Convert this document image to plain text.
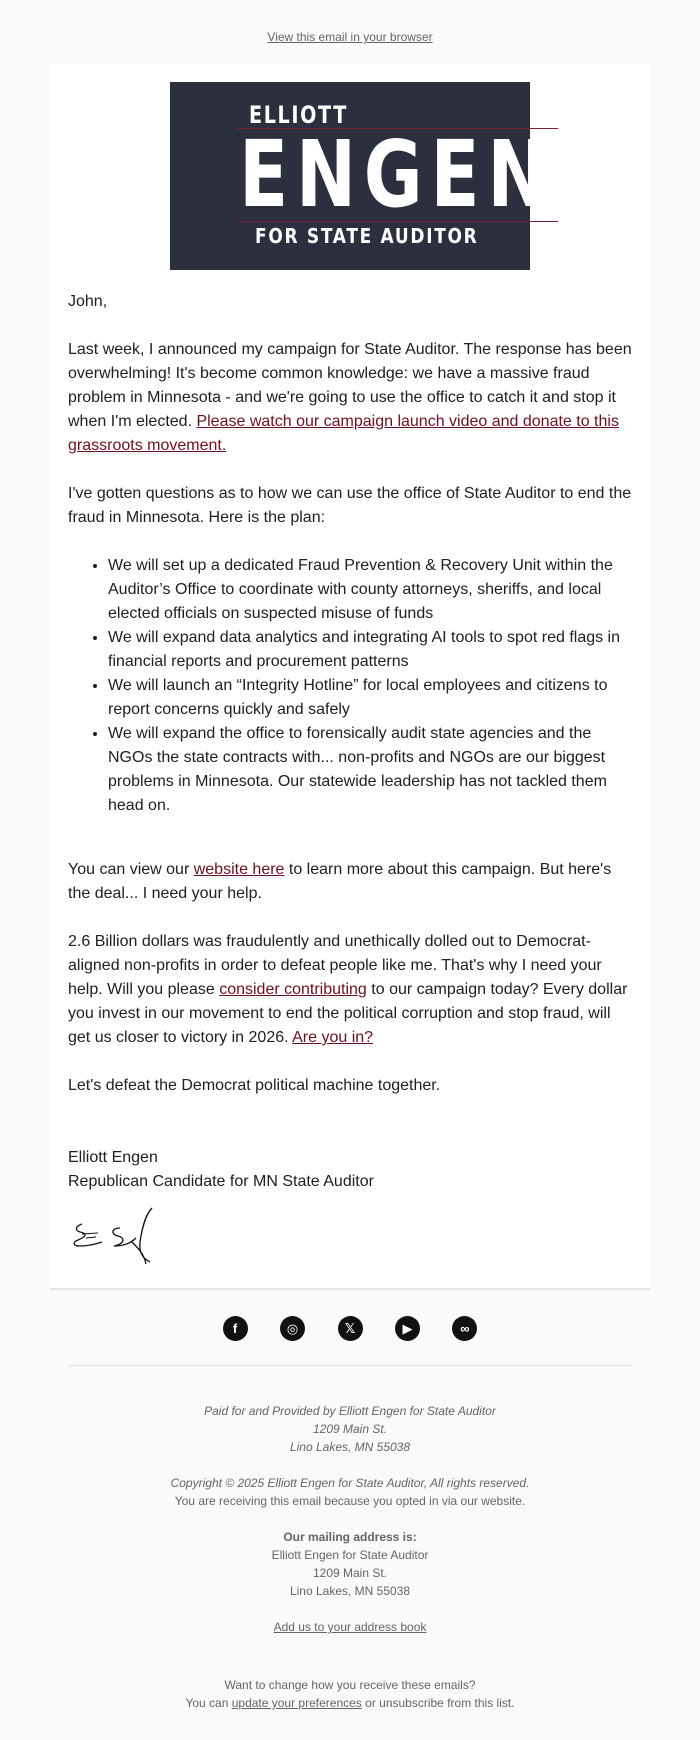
View this email in your browser
ELLIOTT
ENGEN
FOR STATE AUDITOR

John,

Last week, I announced my campaign for State Auditor. The response has been overwhelming! It's become common knowledge: we have a massive fraud problem in Minnesota - and we're going to use the office to catch it and stop it when I'm elected. Please watch our campaign launch video and donate to this grassroots movement.

I've gotten questions as to how we can use the office of State Auditor to end the fraud in Minnesota. Here is the plan:

• We will set up a dedicated Fraud Prevention & Recovery Unit within the Auditor’s Office to coordinate with county attorneys, sheriffs, and local elected officials on suspected misuse of funds
• We will expand data analytics and integrating AI tools to spot red flags in financial reports and procurement patterns
• We will launch an “Integrity Hotline” for local employees and citizens to report concerns quickly and safely
• We will expand the office to forensically audit state agencies and the NGOs the state contracts with... non-profits and NGOs are our biggest problems in Minnesota. Our statewide leadership has not tackled them head on.

You can view our website here to learn more about this campaign. But here's the deal... I need your help.

2.6 Billion dollars was fraudulently and unethically dolled out to Democrat-aligned non-profits in order to defeat people like me. That's why I need your help. Will you please consider contributing to our campaign today? Every dollar you invest in our movement to end the political corruption and stop fraud, will get us closer to victory in 2026. Are you in?

Let's defeat the Democrat political machine together.

Elliott Engen
Republican Candidate for MN State Auditor
f	◎	𝕏	▶	∞

Paid for and Provided by Elliott Engen for State Auditor
1209 Main St.
Lino Lakes, MN 55038

Copyright © 2025 Elliott Engen for State Auditor, All rights reserved.
You are receiving this email because you opted in via our website.

Our mailing address is:
Elliott Engen for State Auditor
1209 Main St.
Lino Lakes, MN 55038

Add us to your address book

Want to change how you receive these emails?
You can update your preferences or unsubscribe from this list.
